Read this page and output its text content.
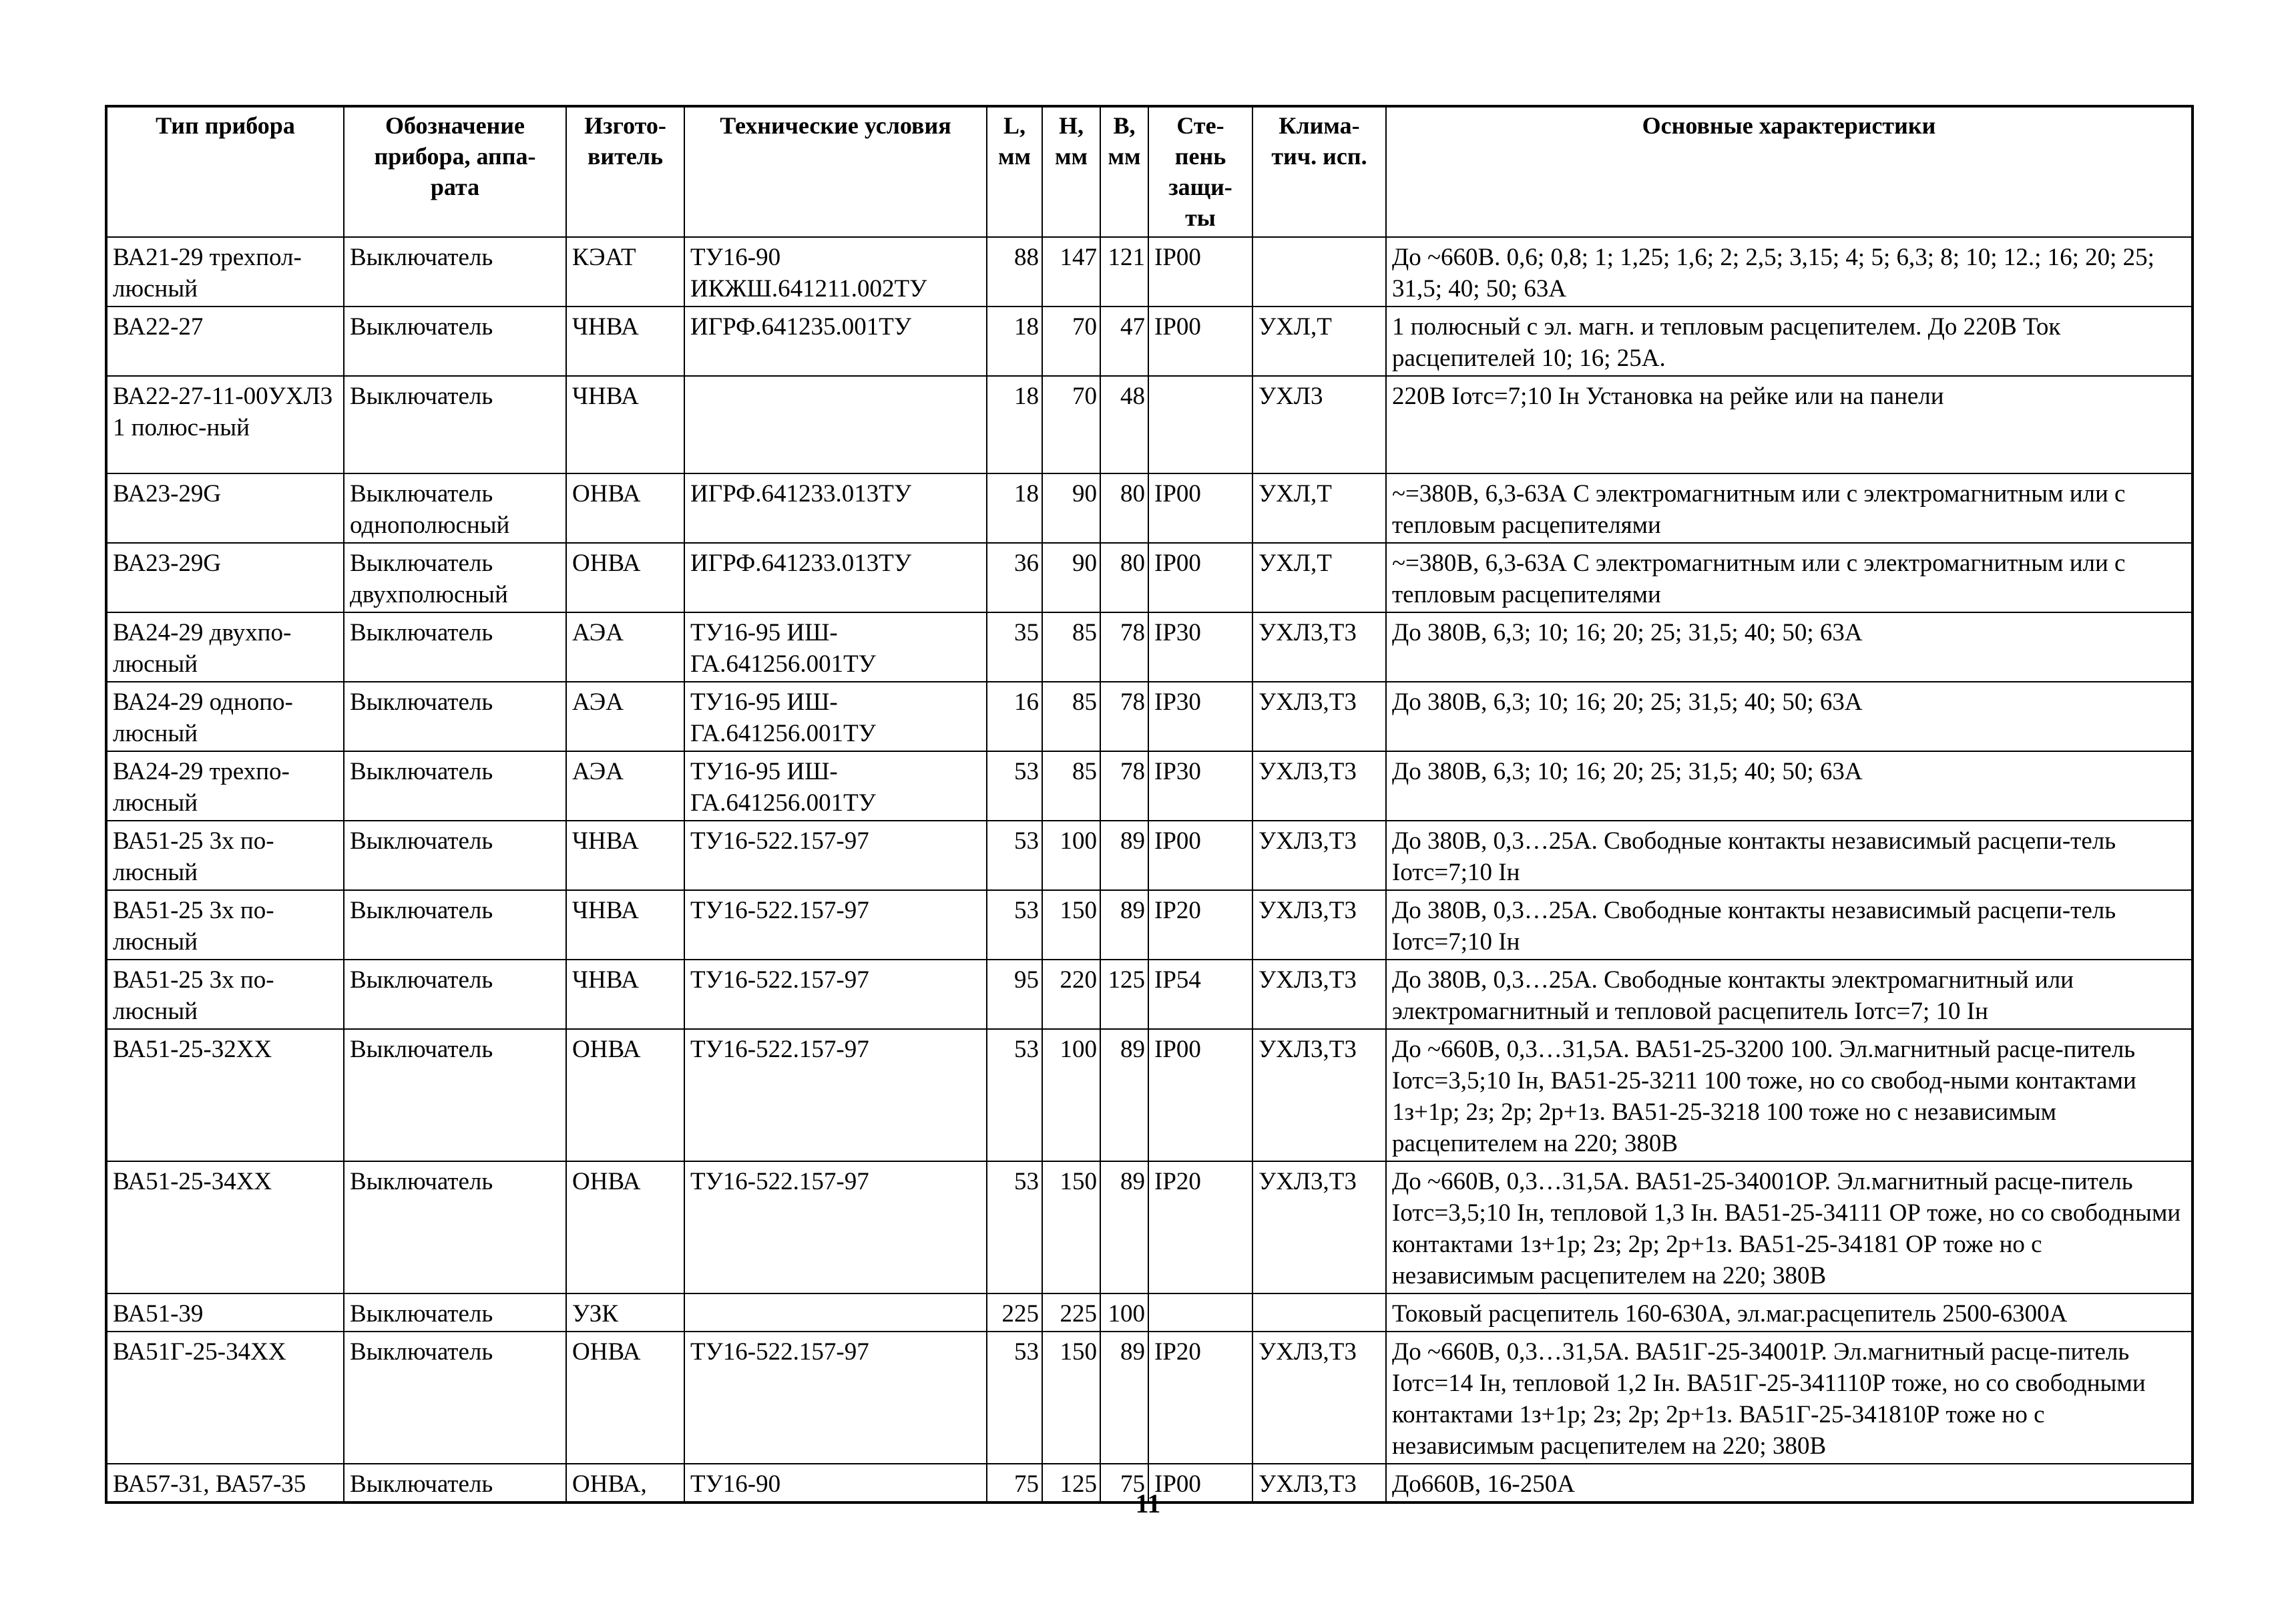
Тип прибора	Обозначение прибора, аппа-рата	Изгото-витель	Технические условия	L, мм	H, мм	B, мм	Сте-пень защи-ты	Клима-тич. исп.	Основные характеристики
ВА21-29 трехпол-люсный	Выключатель	КЭАТ	ТУ16-90 ИКЖШ.641211.002ТУ	88	147	121	IP00		До ~660В. 0,6; 0,8; 1; 1,25; 1,6; 2; 2,5; 3,15; 4; 5; 6,3; 8; 10; 12.; 16; 20; 25; 31,5; 40; 50; 63А
ВА22-27	Выключатель	ЧНВА	ИГРФ.641235.001ТУ	18	70	47	IP00	УХЛ,Т	1 полюсный с эл. магн. и тепловым расцепителем. До 220В Ток расцепителей 10; 16; 25А.
ВА22-27-11-00УХЛ3 1 полюс-ный	Выключатель	ЧНВА		18	70	48		УХЛ3	220В Iотс=7;10 Iн Установка на рейке или на панели
ВА23-29G	Выключатель однополюсный	ОНВА	ИГРФ.641233.013ТУ	18	90	80	IP00	УХЛ,Т	~=380В, 6,3-63А С электромагнитным или с электромагнитным или с тепловым расцепителями
ВА23-29G	Выключатель двухполюсный	ОНВА	ИГРФ.641233.013ТУ	36	90	80	IP00	УХЛ,Т	~=380В, 6,3-63А С электромагнитным или с электромагнитным или с тепловым расцепителями
ВА24-29 двухпо-люсный	Выключатель	АЭА	ТУ16-95 ИШ-ГА.641256.001ТУ	35	85	78	IP30	УХЛ3,Т3	До 380В, 6,3; 10; 16; 20; 25; 31,5; 40; 50; 63А
ВА24-29 однопо-люсный	Выключатель	АЭА	ТУ16-95 ИШ-ГА.641256.001ТУ	16	85	78	IP30	УХЛ3,Т3	До 380В, 6,3; 10; 16; 20; 25; 31,5; 40; 50; 63А
ВА24-29 трехпо-люсный	Выключатель	АЭА	ТУ16-95 ИШ-ГА.641256.001ТУ	53	85	78	IP30	УХЛ3,Т3	До 380В, 6,3; 10; 16; 20; 25; 31,5; 40; 50; 63А
ВА51-25 3х по-люсный	Выключатель	ЧНВА	ТУ16-522.157-97	53	100	89	IP00	УХЛ3,Т3	До 380В, 0,3…25А. Свободные контакты независимый расцепи-тель Iотс=7;10 Iн
ВА51-25 3х по-люсный	Выключатель	ЧНВА	ТУ16-522.157-97	53	150	89	IP20	УХЛ3,Т3	До 380В, 0,3…25А. Свободные контакты независимый расцепи-тель Iотс=7;10 Iн
ВА51-25 3х по-люсный	Выключатель	ЧНВА	ТУ16-522.157-97	95	220	125	IP54	УХЛ3,Т3	До 380В, 0,3…25А. Свободные контакты электромагнитный или электромагнитный и тепловой расцепитель Iотс=7; 10 Iн
ВА51-25-32ХХ	Выключатель	ОНВА	ТУ16-522.157-97	53	100	89	IP00	УХЛ3,Т3	До ~660В, 0,3…31,5А. ВА51-25-3200 100. Эл.магнитный расце-питель Iотс=3,5;10 Iн, ВА51-25-3211 100 тоже, но со свобод-ными контактами 1з+1р; 2з; 2р; 2р+1з. ВА51-25-3218 100 тоже но с независимым расцепителем на 220; 380В
ВА51-25-34ХХ	Выключатель	ОНВА	ТУ16-522.157-97	53	150	89	IP20	УХЛ3,Т3	До ~660В, 0,3…31,5А. ВА51-25-34001ОР. Эл.магнитный расце-питель Iотс=3,5;10 Iн, тепловой 1,3 Iн. ВА51-25-34111 ОР тоже, но со свободными контактами 1з+1р; 2з; 2р; 2р+1з. ВА51-25-34181 ОР тоже но с независимым расцепителем на 220; 380В
ВА51-39	Выключатель	УЗК		225	225	100			Токовый расцепитель 160-630А, эл.маг.расцепитель 2500-6300А
ВА51Г-25-34ХХ	Выключатель	ОНВА	ТУ16-522.157-97	53	150	89	IP20	УХЛ3,Т3	До ~660В, 0,3…31,5А. ВА51Г-25-34001Р. Эл.магнитный расце-питель Iотс=14 Iн, тепловой 1,2 Iн. ВА51Г-25-341110Р тоже, но со свободными контактами 1з+1р; 2з; 2р; 2р+1з. ВА51Г-25-341810Р тоже но с независимым расцепителем на 220; 380В
ВА57-31, ВА57-35	Выключатель	ОНВА,	ТУ16-90	75	125	75	IP00	УХЛ3,Т3	До660В, 16-250А
11
